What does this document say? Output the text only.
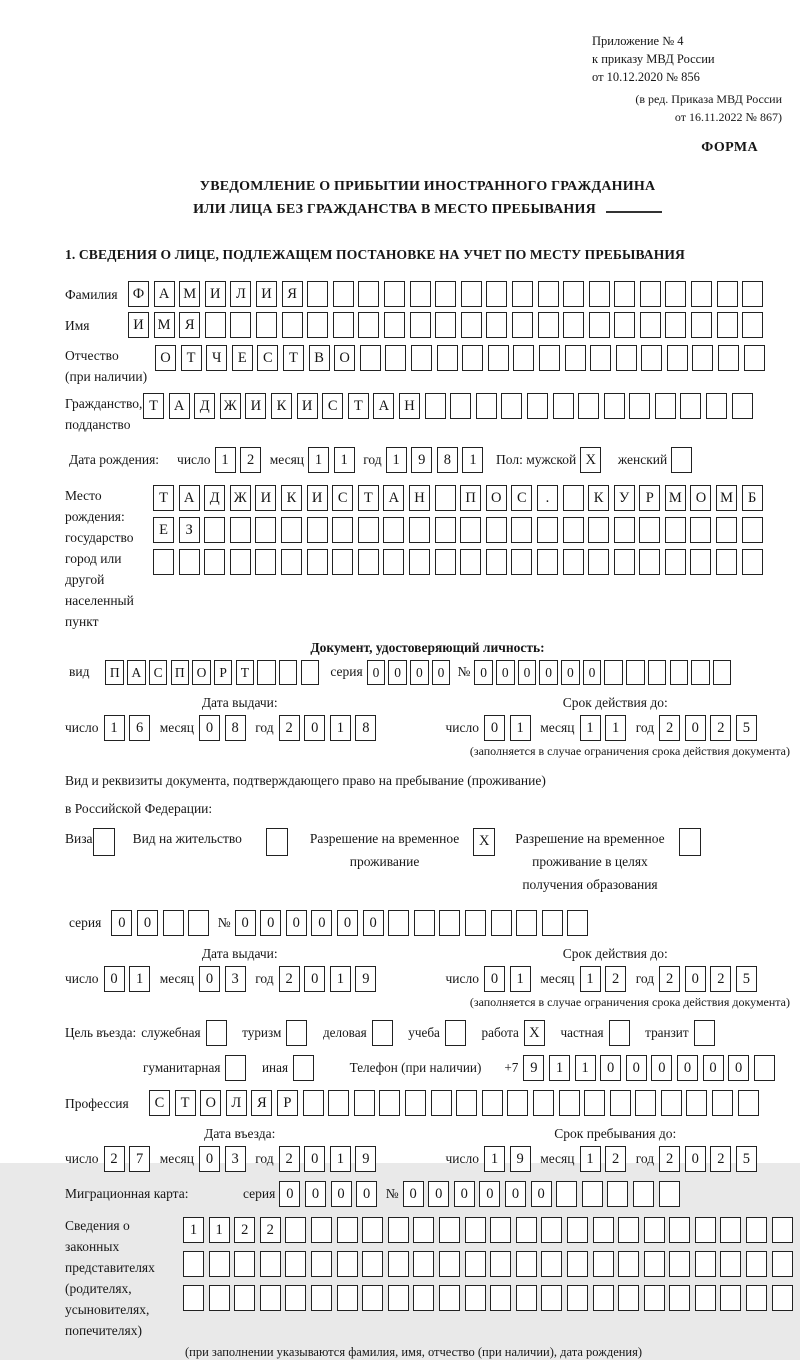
Приложение № 4
к приказу МВД России
от 10.12.2020 № 856
(в ред. Приказа МВД России
от 16.11.2022 № 867)
ФОРМА
УВЕДОМЛЕНИЕ О ПРИБЫТИИ ИНОСТРАННОГО ГРАЖДАНИНА
ИЛИ ЛИЦА БЕЗ ГРАЖДАНСТВА В МЕСТО ПРЕБЫВАНИЯ
1. СВЕДЕНИЯ О ЛИЦЕ, ПОДЛЕЖАЩЕМ ПОСТАНОВКЕ НА УЧЕТ ПО МЕСТУ ПРЕБЫВАНИЯ
Фамилия	Ф	А М И	Л	И	Я
Имя	И М Я
Отчество
(при наличии)
О	Т	Ч	Е	С	Т	В	О
Гражданство,
подданство
Т	А	Д Ж И	К	И	С	Т	А	Н
Дата рождения:	число 1	2	месяц 1	1	год 1	9	8	1	Пол: мужской X	женский
Место рождения:
государство
город или другой
населенный пункт
Т	А	Д Ж И	К	И	С	Т	А	Н	П	О	С	.	К	У	Р	М О М	Б
Е	З
Документ, удостоверяющий личность:
вид	П А С П О Р	Т	серия 0	0	0	0 № 0	0	0	0	0	0
Дата выдачи:
число 1	6	месяц 0	8	год 2	0	1	8
Срок действия до:
число 0	1	месяц 1	1	год 2	0	2	5
(заполняется в случае ограничения срока действия документа)
Вид и реквизиты документа, подтверждающего право на пребывание (проживание)
в Российской Федерации:
Виза	Вид на жительство	Разрешение на временное
проживание
X	Разрешение на временное
проживание в целях
получения образования
серия	0	0	№ 0	0	0	0	0	0
Дата выдачи:
число 0	1	месяц 0	3	год 2	0	1	9
Срок действия до:
число 0	1	месяц 1	2	год 2	0	2	5
(заполняется в случае ограничения срока действия документа)
Цель въезда: служебная	туризм	деловая	учеба	работа X	частная	транзит
гуманитарная	иная	Телефон (при наличии)	+7 9	1	1	0	0	0	0	0	0
Профессия	С	Т	О	Л	Я	Р
Дата въезда:
число 2	7	месяц 0	3	год 2	0	1	9
Срок пребывания до:
число 1	9	месяц 1	2	год 2	0	2	5
Миграционная карта:	серия 0	0	0	0	№ 0	0	0	0	0	0
Сведения о
законных
представителях
(родителях,
усыновителях,
попечителях)
1	1	2	2
(при заполнении указываются фамилия, имя, отчество (при наличии), дата рождения)
